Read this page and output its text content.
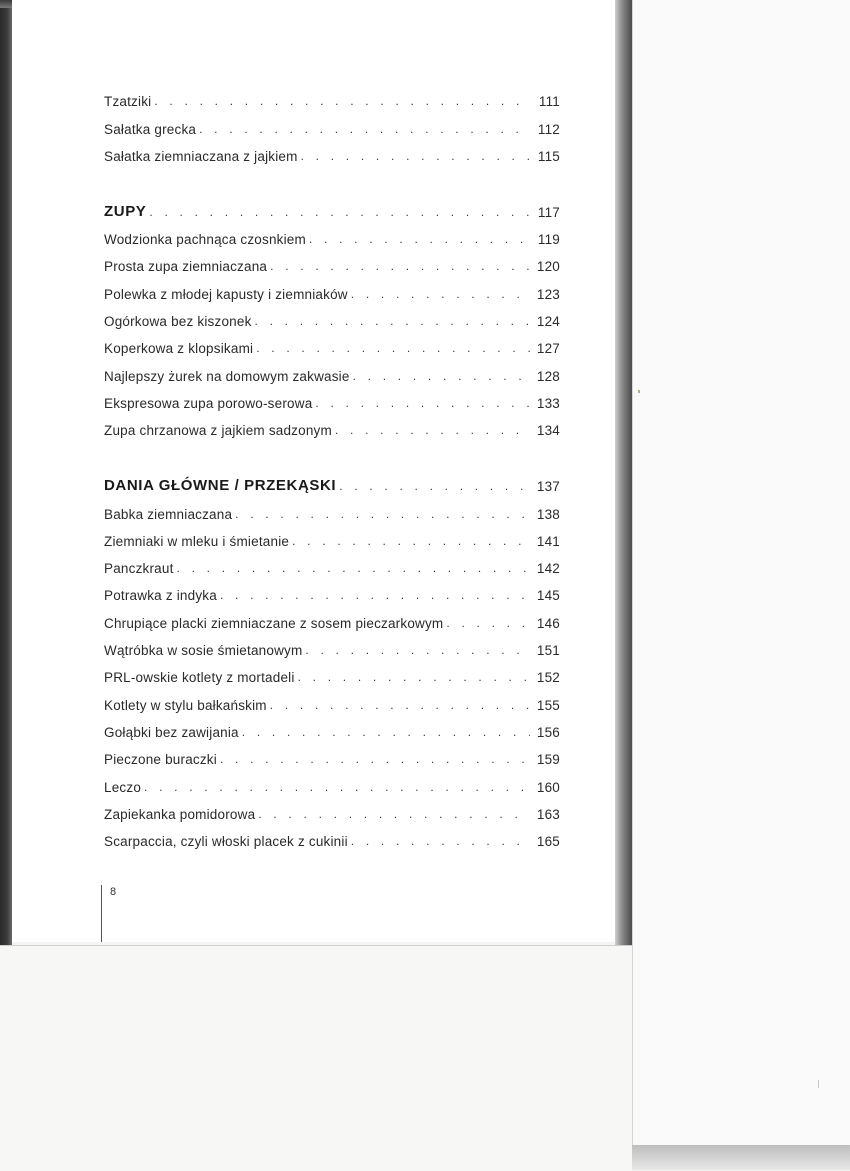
Tzatziki . . .	111
Sałatka grecka . . .	112
Sałatka ziemniaczana z jajkiem . . .	115
ZUPY . . .	117
Wodzionka pachnąca czosnkiem . . .	119
Prosta zupa ziemniaczana . . .	120
Polewka z młodej kapusty i ziemniaków . . .	123
Ogórkowa bez kiszonek . . .	124
Koperkowa z klopsikami . . .	127
Najlepszy żurek na domowym zakwasie . . .	128
Ekspresowa zupa porowo-serowa . . .	133
Zupa chrzanowa z jajkiem sadzonym . . .	134
DANIA GŁÓWNE / PRZEKĄSKI . . .	137
Babka ziemniaczana . . .	138
Ziemniaki w mleku i śmietanie . . .	141
Panczkraut . . .	142
Potrawka z indyka . . .	145
Chrupiące placki ziemniaczane z sosem pieczarkowym . . .	146
Wątróbka w sosie śmietanowym . . .	151
PRL-owskie kotlety z mortadeli . . .	152
Kotlety w stylu bałkańskim . . .	155
Gołąbki bez zawijania . . .	156
Pieczone buraczki . . .	159
Leczo . . .	160
Zapiekanka pomidorowa . . .	163
Scarpaccia, czyli włoski placek z cukinii . . .	165
8
